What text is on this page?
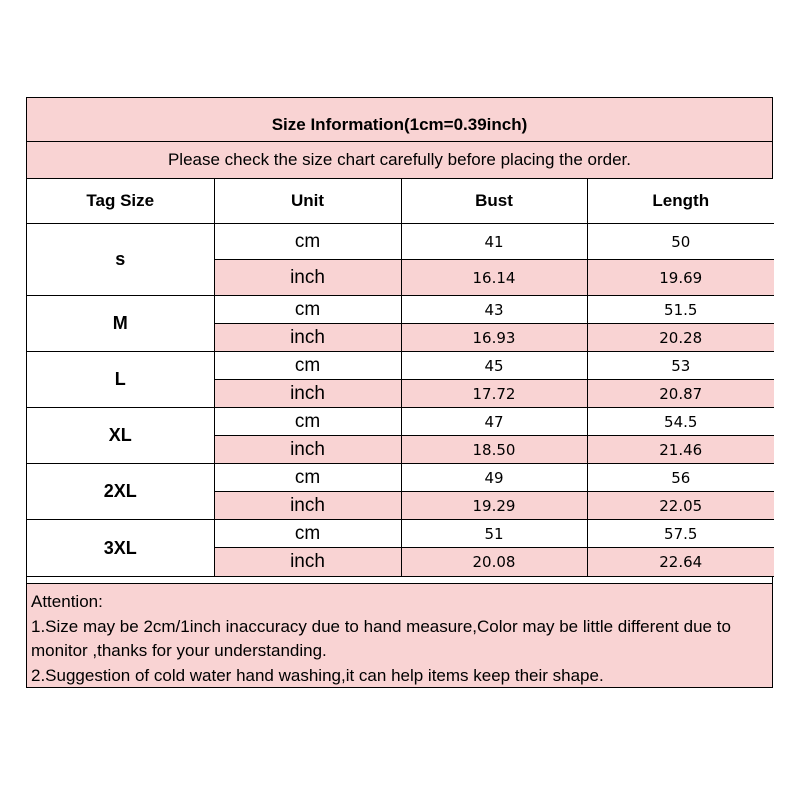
Size Information(1cm=0.39inch)
Please check the size chart carefully before placing the order.
Tag Size	Unit	Bust	Length
s	cm	41	50
	inch	16.14	19.69
M	cm	43	51.5
	inch	16.93	20.28
L	cm	45	53
	inch	17.72	20.87
XL	cm	47	54.5
	inch	18.50	21.46
2XL	cm	49	56
	inch	19.29	22.05
3XL	cm	51	57.5
	inch	20.08	22.64
Attention:
1.Size may be 2cm/1inch inaccuracy due to hand measure,Color may be little different due to monitor ,thanks for your understanding.
2.Suggestion of cold water hand washing,it can help items keep their shape.
